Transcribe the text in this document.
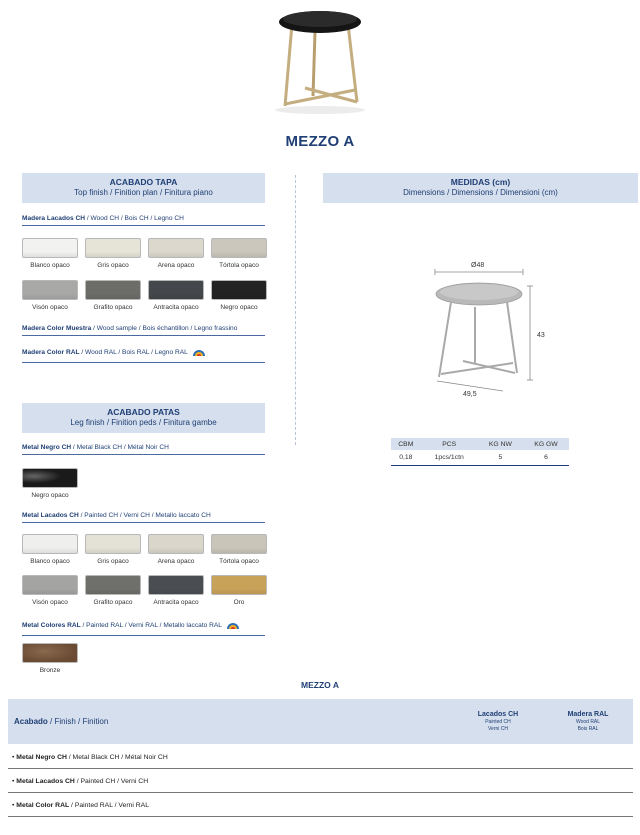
MEZZO A
ACABADO TAPA
Top finish / Finition plan / Finitura piano
Madera Lacados CH / Wood CH / Bois CH / Legno CH
Blanco opaco	Gris opaco	Arena opaco	Tórtola opaco
Visón opaco	Grafito opaco	Antracita opaco	Negro opaco
Madera Color Muestra / Wood sample / Bois échantillon / Legno frassino
Madera Color RAL / Wood RAL / Bois RAL / Legno RAL
ACABADO PATAS
Leg finish / Finition peds / Finitura gambe
Metal Negro CH / Metal Black CH / Métal Noir CH
Negro opaco
Metal Lacados CH / Painted CH / Verni CH / Metallo laccato CH
Blanco opaco	Gris opaco	Arena opaco	Tórtola opaco
Visón opaco	Grafito opaco	Antracita opaco	Oro
Metal Colores RAL / Painted RAL / Verni RAL / Metallo laccato RAL
Bronze
MEDIDAS (cm)
Dimensions / Dimensions / Dimensioni (cm)
Ø48
43
49,5
CBM	PCS	KG NW	KG GW
0,18	1pcs/1ctn	5	6
MEZZO A
Acabado / Finish / Finition
Lacados CH
Painted CH
Verni CH
Madera RAL
Wood RAL
Bois RAL
• Metal Negro CH / Metal Black CH / Métal Noir CH
• Metal Lacados CH / Painted CH / Verni CH
• Metal Color RAL / Painted RAL / Verni RAL
